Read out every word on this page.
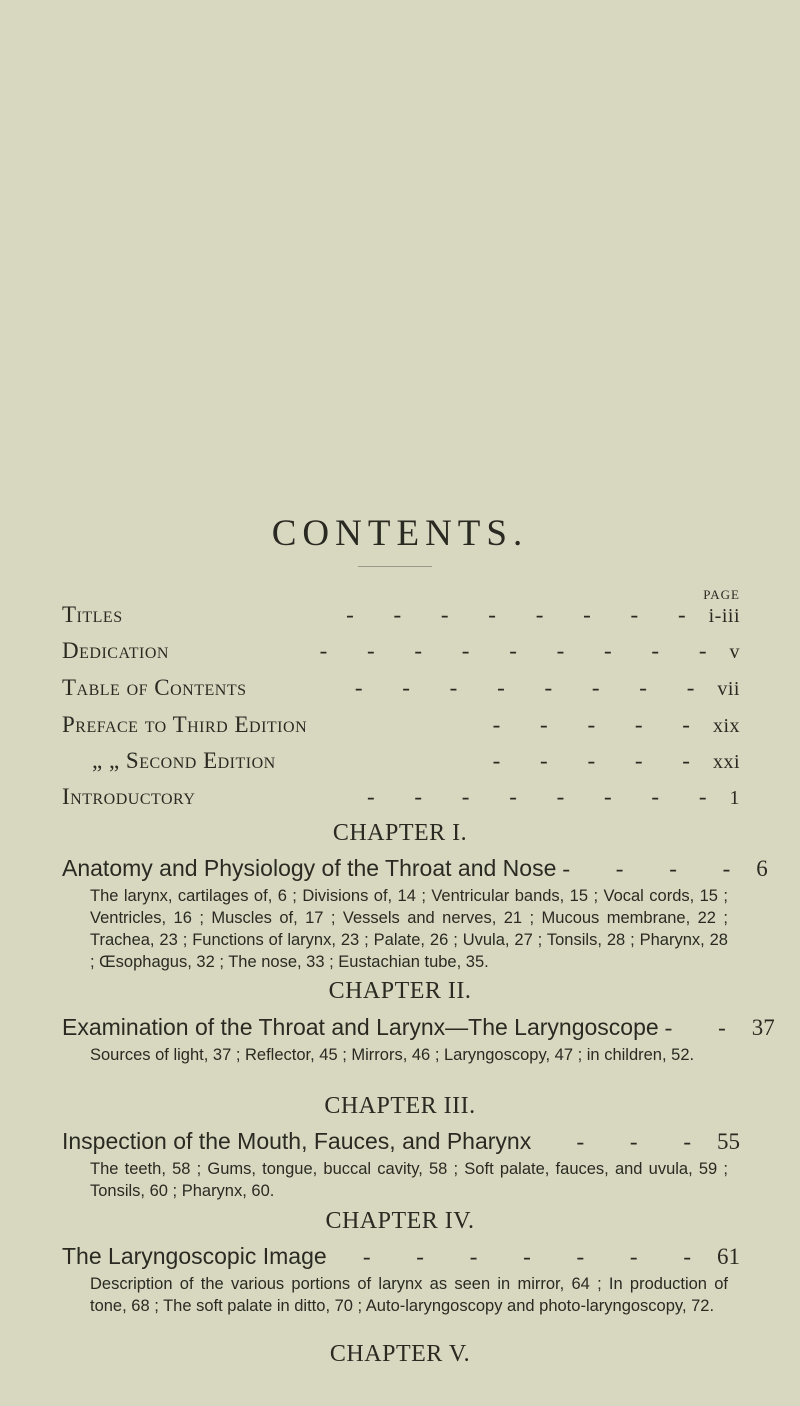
CONTENTS.
PAGE
Titles	- - - - - - - - i-iii
Dedication	- - - - - - - - - v
Table of Contents	- - - - - - - - vii
Preface to Third Edition	- - - - - xix
„ „ Second Edition	- - - - - xxi
Introductory	- - - - - - - - 1
CHAPTER I.
Anatomy and Physiology of the Throat and Nose - - - - 6
The larynx, cartilages of, 6 ; Divisions of, 14 ; Ventricular bands, 15 ; Vocal cords, 15 ; Ventricles, 16 ; Muscles of, 17 ; Vessels and nerves, 21 ; Mucous membrane, 22 ; Trachea, 23 ; Functions of larynx, 23 ; Palate, 26 ; Uvula, 27 ; Tonsils, 28 ; Pharynx, 28 ; Œsophagus, 32 ; The nose, 33 ; Eustachian tube, 35.
CHAPTER II.
Examination of the Throat and Larynx—The Laryngoscope - - 37
Sources of light, 37 ; Reflector, 45 ; Mirrors, 46 ; Laryngoscopy, 47 ; in children, 52.
CHAPTER III.
Inspection of the Mouth, Fauces, and Pharynx	- - - 55
The teeth, 58 ; Gums, tongue, buccal cavity, 58 ; Soft palate, fauces, and uvula, 59 ; Tonsils, 60 ; Pharynx, 60.
CHAPTER IV.
The Laryngoscopic Image	- - - - - - - 61
Description of the various portions of larynx as seen in mirror, 64 ; In production of tone, 68 ; The soft palate in ditto, 70 ; Auto-laryngoscopy and photo-laryngoscopy, 72.
CHAPTER V.
